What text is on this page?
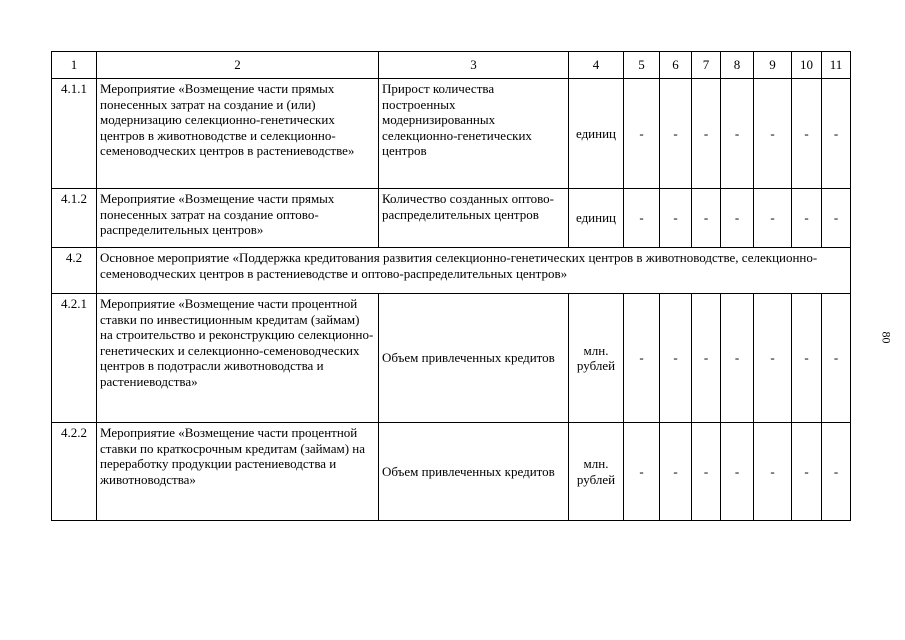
1	2	3	4	5	6	7	8	9	10	11
4.1.1	Мероприятие «Возмещение части прямых понесенных затрат на создание и (или) модернизацию селекционно-генетических центров в животноводстве и селекционно-семеноводческих центров в растениеводстве»	Прирост количества построенных модернизированных селекционно-генетических центров	единиц	-	-	-	-	-	-	-
4.1.2	Мероприятие «Возмещение части прямых понесенных затрат на создание оптово-распределительных центров»	Количество созданных оптово-распределительных центров	единиц	-	-	-	-	-	-	-
4.2	Основное мероприятие «Поддержка кредитования развития селекционно-генетических центров в животноводстве, селекционно-семеноводческих центров в растениеводстве и оптово-распределительных центров»									
4.2.1	Мероприятие «Возмещение части процентной ставки по инвестиционным кредитам (займам) на строительство и реконструкцию селекционно-генетических и селекционно-семеноводческих центров в подотрасли животноводства и растениеводства»	Объем привлеченных кредитов	млн. рублей	-	-	-	-	-	-	-
4.2.2	Мероприятие «Возмещение части процентной ставки по краткосрочным кредитам (займам) на переработку продукции растениеводства и животноводства»	Объем привлеченных кредитов	млн. рублей	-	-	-	-	-	-	-
80
